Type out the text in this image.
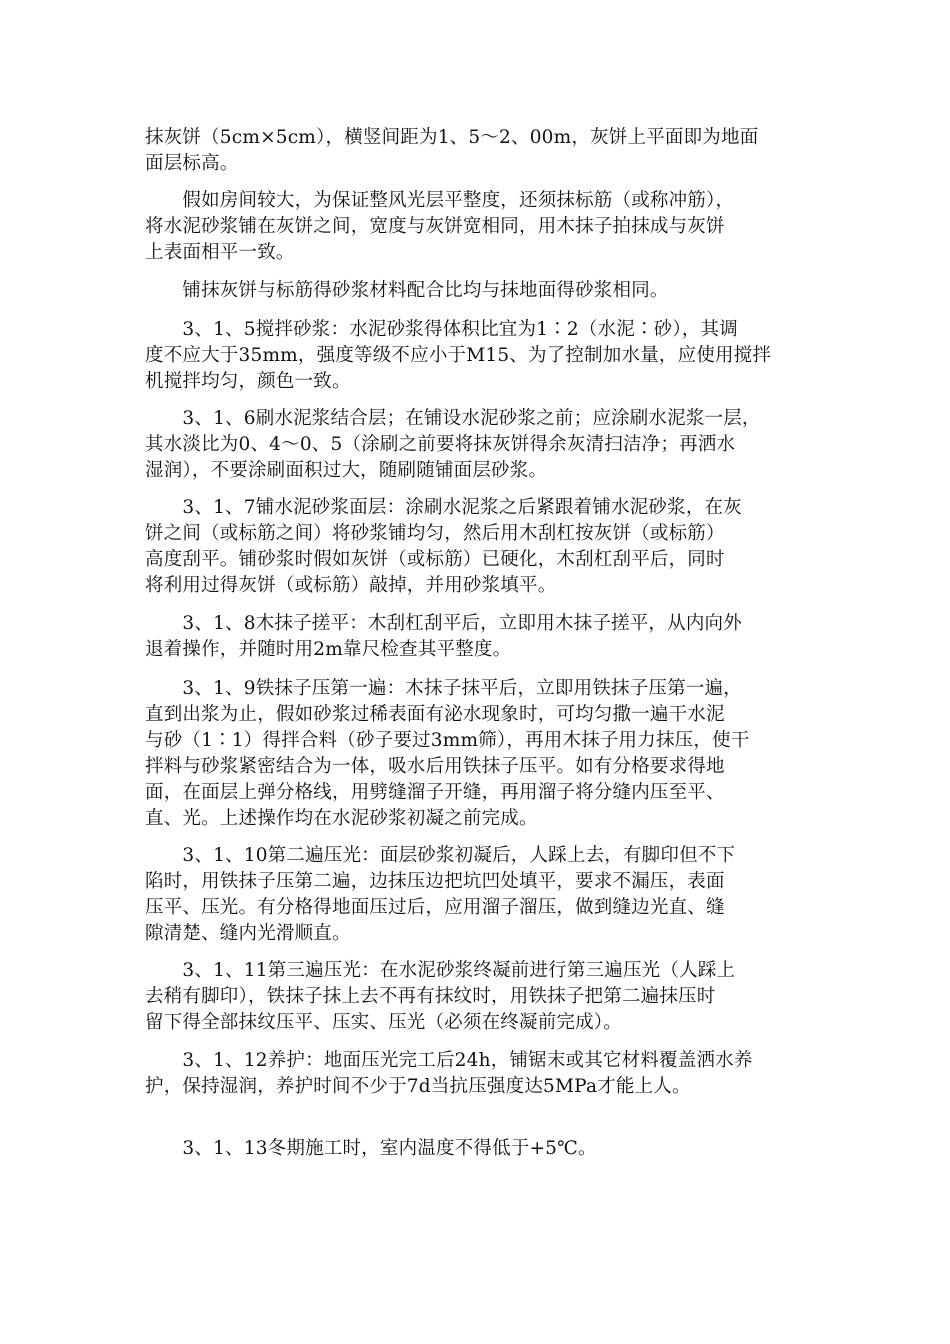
抹灰饼（5cm×5cm），横竖间距为1、5～2、00m，灰饼上平面即为地面
面层标高。
　　假如房间较大，为保证整风光层平整度，还须抹标筋（或称冲筋），
将水泥砂浆铺在灰饼之间，宽度与灰饼宽相同，用木抹子拍抹成与灰饼
上表面相平一致。
　　铺抹灰饼与标筋得砂浆材料配合比均与抹地面得砂浆相同。
　　3、1、5搅拌砂浆：水泥砂浆得体积比宜为1∶2（水泥∶砂），其调
度不应大于35mm，强度等级不应小于M15、为了控制加水量，应使用搅拌
机搅拌均匀，颜色一致。
　　3、1、6刷水泥浆结合层；在铺设水泥砂浆之前；应涂刷水泥浆一层，
其水淡比为0、4～0、5（涂刷之前要将抹灰饼得余灰清扫洁净；再洒水
湿润），不要涂刷面积过大，随刷随铺面层砂浆。
　　3、1、7铺水泥砂浆面层：涂刷水泥浆之后紧跟着铺水泥砂浆，在灰
饼之间（或标筋之间）将砂浆铺均匀，然后用木刮杠按灰饼（或标筋）
高度刮平。铺砂浆时假如灰饼（或标筋）已硬化，木刮杠刮平后，同时
将利用过得灰饼（或标筋）敲掉，并用砂浆填平。
　　3、1、8木抹子搓平：木刮杠刮平后，立即用木抹子搓平，从内向外
退着操作，并随时用2m靠尺检查其平整度。
　　3、1、9铁抹子压第一遍：木抹子抹平后，立即用铁抹子压第一遍，
直到出浆为止，假如砂浆过稀表面有泌水现象时，可均匀撒一遍干水泥
与砂（1∶1）得拌合料（砂子要过3mm筛），再用木抹子用力抹压，使干
拌料与砂浆紧密结合为一体，吸水后用铁抹子压平。如有分格要求得地
面，在面层上弹分格线，用劈缝溜子开缝，再用溜子将分缝内压至平、
直、光。上述操作均在水泥砂浆初凝之前完成。
　　3、1、10第二遍压光：面层砂浆初凝后，人踩上去，有脚印但不下
陷时，用铁抹子压第二遍，边抹压边把坑凹处填平，要求不漏压，表面
压平、压光。有分格得地面压过后，应用溜子溜压，做到缝边光直、缝
隙清楚、缝内光滑顺直。
　　3、1、11第三遍压光：在水泥砂浆终凝前进行第三遍压光（人踩上
去稍有脚印），铁抹子抹上去不再有抹纹时，用铁抹子把第二遍抹压时
留下得全部抹纹压平、压实、压光（必须在终凝前完成）。
　　3、1、12养护：地面压光完工后24h，铺锯末或其它材料覆盖洒水养
护，保持湿润，养护时间不少于7d当抗压强度达5MPa才能上人。
　　3、1、13冬期施工时，室内温度不得低于+5℃。
